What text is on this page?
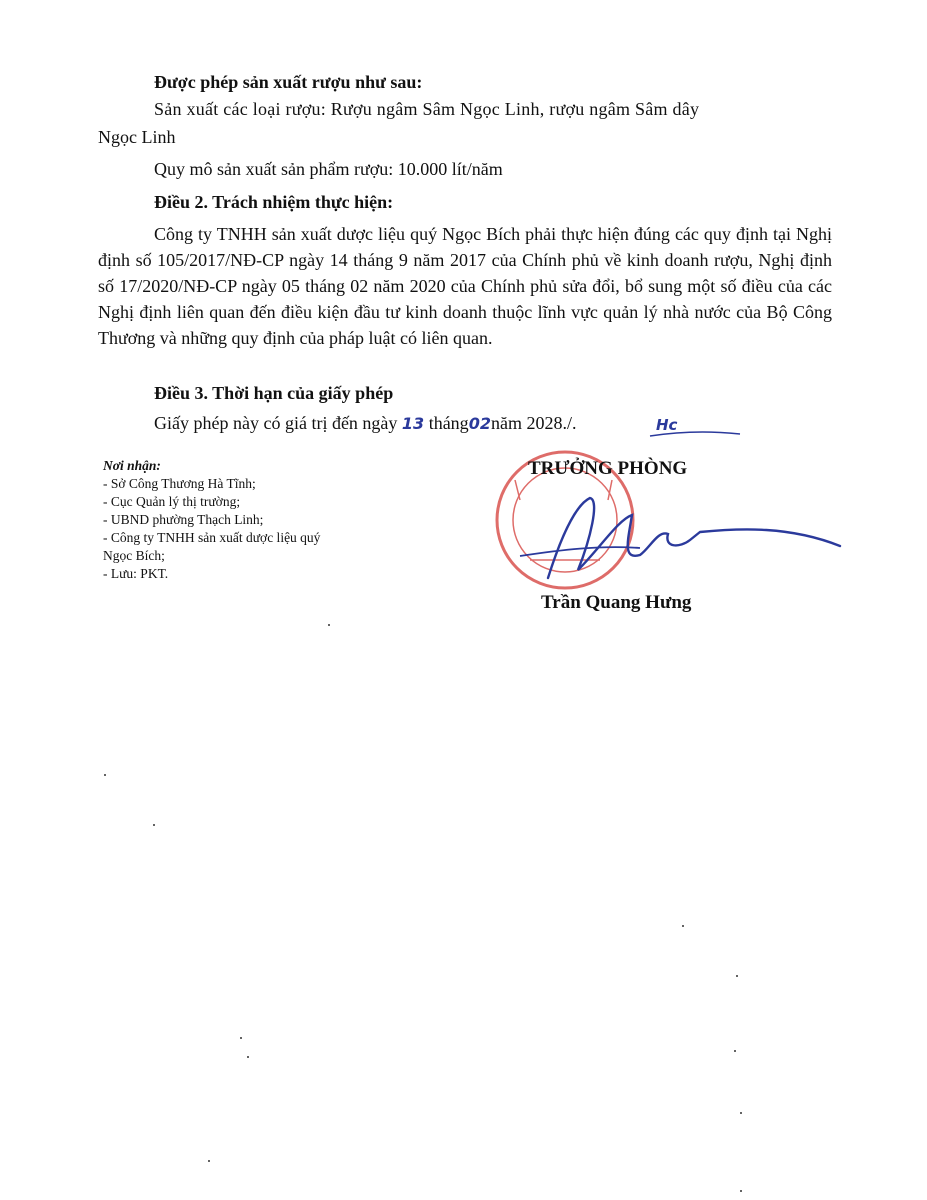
Được phép sản xuất rượu như sau:
Sản xuất các loại rượu: Rượu ngâm Sâm Ngọc Linh, rượu ngâm Sâm dây
Ngọc Linh
Quy mô sản xuất sản phẩm rượu: 10.000 lít/năm
Điều 2. Trách nhiệm thực hiện:
Công ty TNHH sản xuất dược liệu quý Ngọc Bích phải thực hiện đúng các quy định tại Nghị định số 105/2017/NĐ-CP ngày 14 tháng 9 năm 2017 của Chính phủ về kinh doanh rượu, Nghị định số 17/2020/NĐ-CP ngày 05 tháng 02 năm 2020 của Chính phủ sửa đổi, bổ sung một số điều của các Nghị định liên quan đến điều kiện đầu tư kinh doanh thuộc lĩnh vực quản lý nhà nước của Bộ Công Thương và những quy định của pháp luật có liên quan.
Điều 3. Thời hạn của giấy phép
Giấy phép này có giá trị đến ngày 13 tháng02năm 2028./.	Hc
Nơi nhận:
- Sở Công Thương Hà Tĩnh;
- Cục Quản lý thị trường;
- UBND phường Thạch Linh;
- Công ty TNHH sản xuất dược liệu quý
Ngọc Bích;
- Lưu: PKT.
TRƯỞNG PHÒNG
Trần Quang Hưng
